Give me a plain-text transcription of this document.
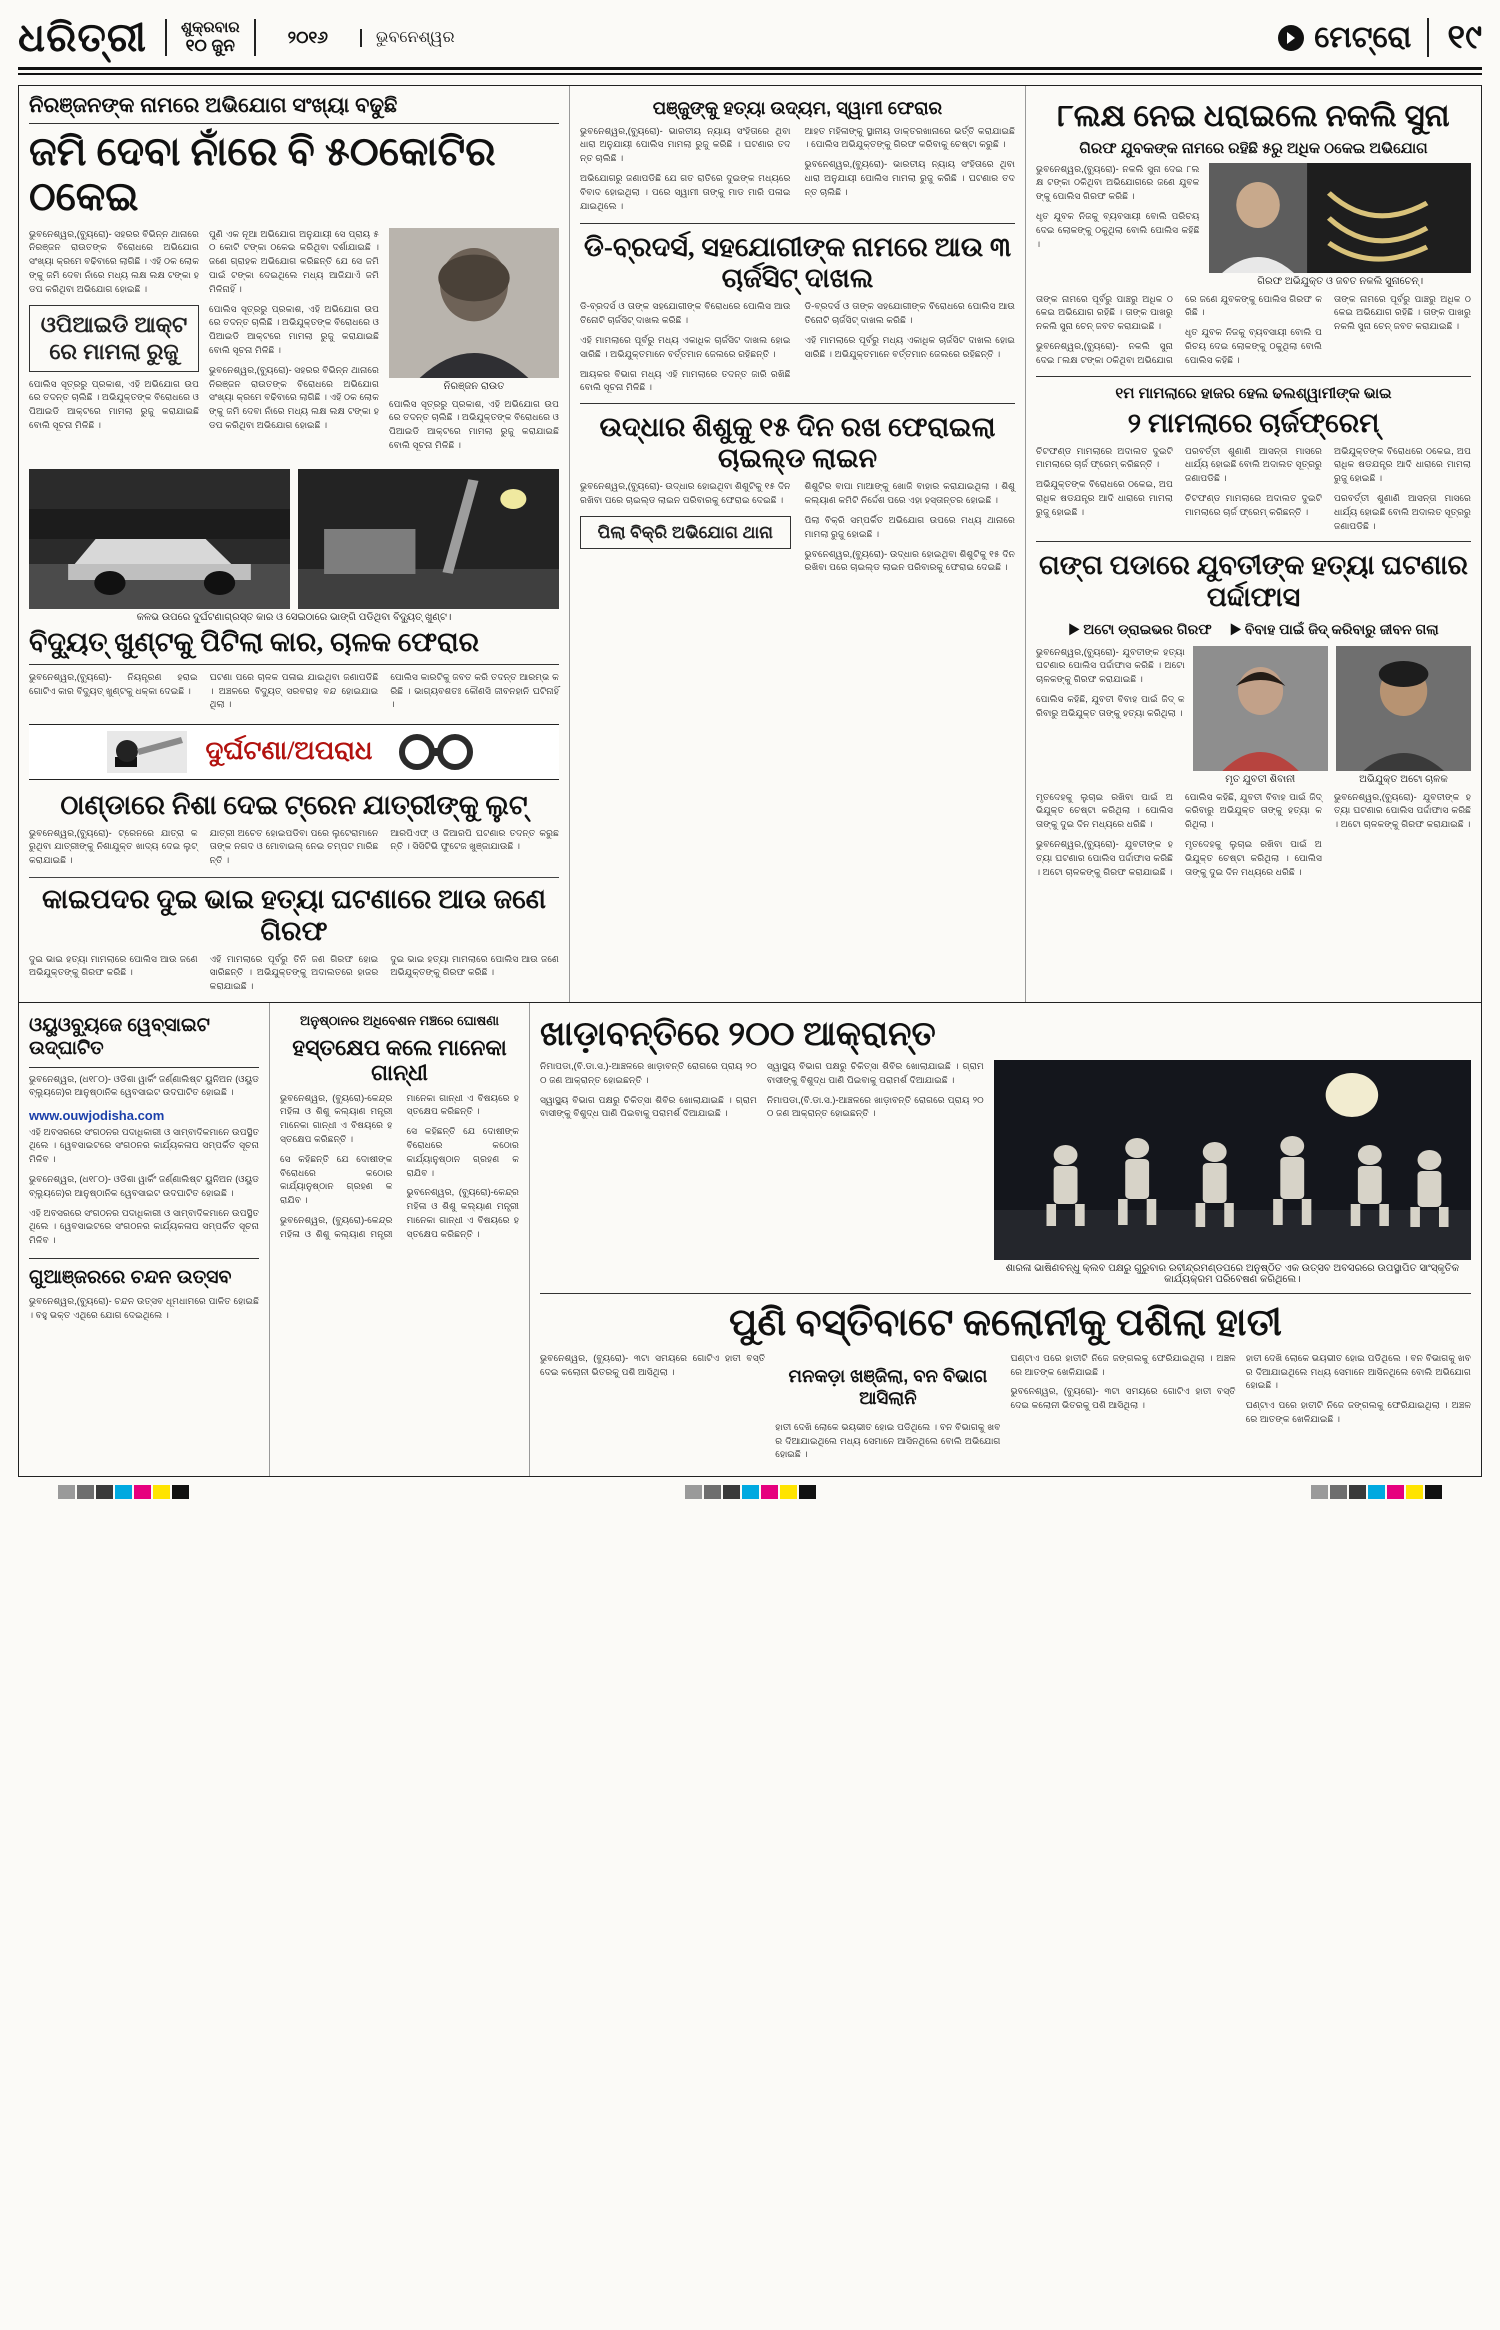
ଧରିତ୍ରୀ ଶୁକ୍ରବାର
୧୦ ଜୁନ	୨୦୧୬	ଭୁବନେଶ୍ୱର	ମେଟ୍ରୋ	୧୯
ନିରଞ୍ଜନଙ୍କ ନାମରେ ଅଭିଯୋଗ ସଂଖ୍ୟା ବଢୁଛି
ଜମି ଦେବା ନାଁରେ ବି ୫୦କୋଟିର ଠକେଇ

ଭୁବନେଶ୍ୱର,(ବ୍ୟୁରୋ)- ସହରର ବିଭିନ୍ନ ଥାନାରେ ନିରଞ୍ଜନ ରାଉତଙ୍କ ବିରୋଧରେ ଅଭିଯୋଗ ସଂଖ୍ୟା କ୍ରମେ ବଢିବାରେ ଲାଗିଛି । ଏହି ଠକ ଲୋକଙ୍କୁ ଜମି ଦେବା ନାଁରେ ମଧ୍ୟ ଲକ୍ଷ ଲକ୍ଷ ଟଙ୍କା ହଡପ କରିଥିବା ଅଭିଯୋଗ ହୋଇଛି ।

ଓପିଆଇଡି ଆକ୍ଟରେ ମାମଲା ରୁଜୁ

ପୋଲିସ ସୂତ୍ରରୁ ପ୍ରକାଶ, ଏହି ଅଭିଯୋଗ ଉପରେ ତଦନ୍ତ ଚାଲିଛି । ଅଭିଯୁକ୍ତଙ୍କ ବିରୋଧରେ ଓପିଆଇଡି ଆକ୍ଟରେ ମାମଲା ରୁଜୁ କରାଯାଇଛି ବୋଲି ସୂଚନା ମିଳିଛି ।

ପୁଣି ଏକ ନୂଆ ଅଭିଯୋଗ ଅନୁଯାୟୀ ସେ ପ୍ରାୟ ୫୦ କୋଟି ଟଙ୍କା ଠକେଇ କରିଥିବା ଦର୍ଶାଯାଇଛି । ଜଣେ ଗ୍ରାହକ ଅଭିଯୋଗ କରିଛନ୍ତି ଯେ ସେ ଜମି ପାଇଁ ଟଙ୍କା ଦେଇଥିଲେ ମଧ୍ୟ ଆଜିଯାଏଁ ଜମି ମିଳିନାହିଁ ।

ପୋଲିସ ସୂତ୍ରରୁ ପ୍ରକାଶ, ଏହି ଅଭିଯୋଗ ଉପରେ ତଦନ୍ତ ଚାଲିଛି । ଅଭିଯୁକ୍ତଙ୍କ ବିରୋଧରେ ଓପିଆଇଡି ଆକ୍ଟରେ ମାମଲା ରୁଜୁ କରାଯାଇଛି ବୋଲି ସୂଚନା ମିଳିଛି ।

ଭୁବନେଶ୍ୱର,(ବ୍ୟୁରୋ)- ସହରର ବିଭିନ୍ନ ଥାନାରେ ନିରଞ୍ଜନ ରାଉତଙ୍କ ବିରୋଧରେ ଅଭିଯୋଗ ସଂଖ୍ୟା କ୍ରମେ ବଢିବାରେ ଲାଗିଛି । ଏହି ଠକ ଲୋକଙ୍କୁ ଜମି ଦେବା ନାଁରେ ମଧ୍ୟ ଲକ୍ଷ ଲକ୍ଷ ଟଙ୍କା ହଡପ କରିଥିବା ଅଭିଯୋଗ ହୋଇଛି ।

ନିରଞ୍ଜନ ରାଉତ

ପୋଲିସ ସୂତ୍ରରୁ ପ୍ରକାଶ, ଏହି ଅଭିଯୋଗ ଉପରେ ତଦନ୍ତ ଚାଲିଛି । ଅଭିଯୁକ୍ତଙ୍କ ବିରୋଧରେ ଓପିଆଇଡି ଆକ୍ଟରେ ମାମଲା ରୁଜୁ କରାଯାଇଛି ବୋଲି ସୂଚନା ମିଳିଛି ।

କଳଭ ଉପରେ ଦୁର୍ଘଟଣାଗ୍ରସ୍ତ କାର ଓ ସେଇଠାରେ ଭାଙ୍ଗି ପଡିଥିବା ବିଦ୍ୟୁତ୍ ଖୁଣ୍ଟ।
ବିଦ୍ୟୁତ୍ ଖୁଣ୍ଟକୁ ପିଟିଲା କାର, ଚାଳକ ଫେରାର

ଭୁବନେଶ୍ୱର,(ବ୍ୟୁରୋ)- ନିୟନ୍ତ୍ରଣ ହରାଇ ଗୋଟିଏ କାର ବିଦ୍ୟୁତ୍ ଖୁଣ୍ଟକୁ ଧକ୍କା ଦେଇଛି ।

ଘଟଣା ପରେ ଚାଳକ ପଳାଇ ଯାଇଥିବା ଜଣାପଡିଛି । ଅଞ୍ଚଳରେ ବିଦ୍ୟୁତ୍ ସରବରାହ ବନ୍ଦ ହୋଇଯାଇଥିଲା ।

ପୋଲିସ କାରଟିକୁ ଜବତ କରି ତଦନ୍ତ ଆରମ୍ଭ କରିଛି । ଭାଗ୍ୟବଶତଃ କୌଣସି ଜୀବନହାନି ଘଟିନାହିଁ ।

ଦୁର୍ଘଟଣା/ଅପରାଧ
ଠାଣ୍ଡାରେ ନିଶା ଦେଇ ଟ୍ରେନ ଯାତ୍ରୀଙ୍କୁ ଲୁଟ୍

ଭୁବନେଶ୍ୱର,(ବ୍ୟୁରୋ)- ଟ୍ରେନରେ ଯାତ୍ରା କରୁଥିବା ଯାତ୍ରୀଙ୍କୁ ନିଶାଯୁକ୍ତ ଖାଦ୍ୟ ଦେଇ ଲୁଟ୍ କରାଯାଇଛି ।

ଯାତ୍ରୀ ଅଚେତ ହୋଇପଡିବା ପରେ ଲୁଟେରାମାନେ ତାଙ୍କ ନଗଦ ଓ ମୋବାଇଲ୍ ନେଇ ଚମ୍ପଟ ମାରିଛନ୍ତି ।

ଆରପିଏଫ୍ ଓ ଜିଆରପି ଘଟଣାର ତଦନ୍ତ କରୁଛନ୍ତି । ସିସିଟିଭି ଫୁଟେଜ ଖୁଞ୍ଜାଯାଉଛି ।

କାଇପଦର ଦୁଇ ଭାଇ ହତ୍ୟା ଘଟଣାରେ ଆଉ ଜଣେ ଗିରଫ

ଦୁଇ ଭାଇ ହତ୍ୟା ମାମଲାରେ ପୋଲିସ ଆଉ ଜଣେ ଅଭିଯୁକ୍ତଙ୍କୁ ଗିରଫ କରିଛି ।

ଏହି ମାମଲାରେ ପୂର୍ବରୁ ତିନି ଜଣ ଗିରଫ ହୋଇସାରିଛନ୍ତି । ଅଭିଯୁକ୍ତଙ୍କୁ ଅଦାଲତରେ ହାଜର କରାଯାଇଛି ।

ଦୁଇ ଭାଇ ହତ୍ୟା ମାମଲାରେ ପୋଲିସ ଆଉ ଜଣେ ଅଭିଯୁକ୍ତଙ୍କୁ ଗିରଫ କରିଛି ।

ପଞ୍ଜୁଙ୍କୁ ହତ୍ୟା ଉଦ୍ୟମ, ସ୍ୱାମୀ ଫେରାର

ଭୁବନେଶ୍ୱର,(ବ୍ୟୁରୋ)- ଭାରତୀୟ ନ୍ୟାୟ ସଂହିତାରେ ଥିବା ଧାରା ଅନୁଯାୟୀ ପୋଲିସ ମାମଲା ରୁଜୁ କରିଛି । ଘଟଣାର ତଦନ୍ତ ଚାଲିଛି ।

ଅଭିଯୋଗରୁ ଜଣାପଡିଛି ଯେ ଗତ ରାତିରେ ଦୁଇଙ୍କ ମଧ୍ୟରେ ବିବାଦ ହୋଇଥିଲା । ପରେ ସ୍ୱାମୀ ତାଙ୍କୁ ମାଡ ମାରି ପଳାଇ ଯାଇଥିଲେ ।

ଆହତ ମହିଳାଙ୍କୁ ସ୍ଥାନୀୟ ଡାକ୍ତରଖାନାରେ ଭର୍ତ୍ତି କରାଯାଇଛି । ପୋଲିସ ଅଭିଯୁକ୍ତଙ୍କୁ ଗିରଫ କରିବାକୁ ଚେଷ୍ଟା କରୁଛି ।

ଭୁବନେଶ୍ୱର,(ବ୍ୟୁରୋ)- ଭାରତୀୟ ନ୍ୟାୟ ସଂହିତାରେ ଥିବା ଧାରା ଅନୁଯାୟୀ ପୋଲିସ ମାମଲା ରୁଜୁ କରିଛି । ଘଟଣାର ତଦନ୍ତ ଚାଲିଛି ।

ଡି-ବ୍ରଦର୍ସ, ସହଯୋଗୀଙ୍କ ନାମରେ ଆଉ ୩ ଚାର୍ଜସିଟ୍ ଦାଖଲ

ଡି-ବ୍ରଦର୍ସ ଓ ତାଙ୍କ ସହଯୋଗୀଙ୍କ ବିରୋଧରେ ପୋଲିସ ଆଉ ତିନୋଟି ଚାର୍ଜସିଟ୍ ଦାଖଲ କରିଛି ।

ଏହି ମାମଲାରେ ପୂର୍ବରୁ ମଧ୍ୟ ଏକାଧିକ ଚାର୍ଜସିଟ ଦାଖଲ ହୋଇସାରିଛି । ଅଭିଯୁକ୍ତମାନେ ବର୍ତ୍ତମାନ ଜେଲରେ ରହିଛନ୍ତି ।

ଆୟକର ବିଭାଗ ମଧ୍ୟ ଏହି ମାମଲାରେ ତଦନ୍ତ ଜାରି ରଖିଛି ବୋଲି ସୂଚନା ମିଳିଛି ।

ଡି-ବ୍ରଦର୍ସ ଓ ତାଙ୍କ ସହଯୋଗୀଙ୍କ ବିରୋଧରେ ପୋଲିସ ଆଉ ତିନୋଟି ଚାର୍ଜସିଟ୍ ଦାଖଲ କରିଛି ।

ଏହି ମାମଲାରେ ପୂର୍ବରୁ ମଧ୍ୟ ଏକାଧିକ ଚାର୍ଜସିଟ ଦାଖଲ ହୋଇସାରିଛି । ଅଭିଯୁକ୍ତମାନେ ବର୍ତ୍ତମାନ ଜେଲରେ ରହିଛନ୍ତି ।

ଉଦ୍ଧାର ଶିଶୁକୁ ୧୫ ଦିନ ରଖ ଫେରାଇଲା ଚାଇଲ୍ଡ ଲାଇନ

ଭୁବନେଶ୍ୱର,(ବ୍ୟୁରୋ)- ଉଦ୍ଧାର ହୋଇଥିବା ଶିଶୁଟିକୁ ୧୫ ଦିନ ରଖିବା ପରେ ଚାଇଲ୍ଡ ଲାଇନ ପରିବାରକୁ ଫେରାଇ ଦେଇଛି ।

ପିଲା ବିକ୍ରି ଅଭିଯୋଗ ଥାନା

ଶିଶୁଟିର ବାପା ମାଆଙ୍କୁ ଖୋଜି ବାହାର କରାଯାଇଥିଲା । ଶିଶୁ କଲ୍ୟାଣ କମିଟି ନିର୍ଦ୍ଦେଶ ପରେ ଏହା ହସ୍ତାନ୍ତର ହୋଇଛି ।

ପିଲା ବିକ୍ରି ସମ୍ପର୍କିତ ଅଭିଯୋଗ ଉପରେ ମଧ୍ୟ ଥାନାରେ ମାମଲା ରୁଜୁ ହୋଇଛି ।

ଭୁବନେଶ୍ୱର,(ବ୍ୟୁରୋ)- ଉଦ୍ଧାର ହୋଇଥିବା ଶିଶୁଟିକୁ ୧୫ ଦିନ ରଖିବା ପରେ ଚାଇଲ୍ଡ ଲାଇନ ପରିବାରକୁ ଫେରାଇ ଦେଇଛି ।

୮ଲକ୍ଷ ନେଇ ଧରାଇଲେ ନକଲି ସୁନା
ଗିରଫ ଯୁବକଙ୍କ ନାମରେ ରହିଛି ୫ରୁ ଅଧିକ ଠକେଇ ଅଭିଯୋଗ

ଭୁବନେଶ୍ୱର,(ବ୍ୟୁରୋ)- ନକଲି ସୁନା ଦେଇ ୮ଲକ୍ଷ ଟଙ୍କା ଠକିଥିବା ଅଭିଯୋଗରେ ଜଣେ ଯୁବକଙ୍କୁ ପୋଲିସ ଗିରଫ କରିଛି ।

ଧୃତ ଯୁବକ ନିଜକୁ ବ୍ୟବସାୟୀ ବୋଲି ପରିଚୟ ଦେଇ ଲୋକଙ୍କୁ ଠକୁଥିଲା ବୋଲି ପୋଲିସ କହିଛି ।

ଗିରଫ ଅଭିଯୁକ୍ତ ଓ ଜବତ ନକଲି ସୁନାଚେନ୍।

ତାଙ୍କ ନାମରେ ପୂର୍ବରୁ ପାଞ୍ଚରୁ ଅଧିକ ଠକେଇ ଅଭିଯୋଗ ରହିଛି । ତାଙ୍କ ପାଖରୁ ନକଲି ସୁନା ଚେନ୍ ଜବତ କରାଯାଇଛି ।

ଭୁବନେଶ୍ୱର,(ବ୍ୟୁରୋ)- ନକଲି ସୁନା ଦେଇ ୮ଲକ୍ଷ ଟଙ୍କା ଠକିଥିବା ଅଭିଯୋଗରେ ଜଣେ ଯୁବକଙ୍କୁ ପୋଲିସ ଗିରଫ କରିଛି ।

ଧୃତ ଯୁବକ ନିଜକୁ ବ୍ୟବସାୟୀ ବୋଲି ପରିଚୟ ଦେଇ ଲୋକଙ୍କୁ ଠକୁଥିଲା ବୋଲି ପୋଲିସ କହିଛି ।

ତାଙ୍କ ନାମରେ ପୂର୍ବରୁ ପାଞ୍ଚରୁ ଅଧିକ ଠକେଇ ଅଭିଯୋଗ ରହିଛି । ତାଙ୍କ ପାଖରୁ ନକଲି ସୁନା ଚେନ୍ ଜବତ କରାଯାଇଛି ।

୧ମ ମାମଲାରେ ହାଜର ହେଲ ଢଲଶ୍ୱାମୀଙ୍କ ଭାଇ
୨ ମାମଲାରେ ଚାର୍ଜଫ୍ରେମ୍

ଚିଟଫଣ୍ଡ ମାମଲାରେ ଅଦାଲତ ଦୁଇଟି ମାମଲାରେ ଚାର୍ଜ ଫ୍ରେମ୍ କରିଛନ୍ତି ।

ଅଭିଯୁକ୍ତଙ୍କ ବିରୋଧରେ ଠକେଇ, ଅପରାଧିକ ଷଡଯନ୍ତ୍ର ଆଦି ଧାରାରେ ମାମଲା ରୁଜୁ ହୋଇଛି ।

ପରବର୍ତ୍ତୀ ଶୁଣାଣି ଆସନ୍ତା ମାସରେ ଧାର୍ଯ୍ୟ ହୋଇଛି ବୋଲି ଅଦାଲତ ସୂତ୍ରରୁ ଜଣାପଡିଛି ।

ଚିଟଫଣ୍ଡ ମାମଲାରେ ଅଦାଲତ ଦୁଇଟି ମାମଲାରେ ଚାର୍ଜ ଫ୍ରେମ୍ କରିଛନ୍ତି ।

ଅଭିଯୁକ୍ତଙ୍କ ବିରୋଧରେ ଠକେଇ, ଅପରାଧିକ ଷଡଯନ୍ତ୍ର ଆଦି ଧାରାରେ ମାମଲା ରୁଜୁ ହୋଇଛି ।

ପରବର୍ତ୍ତୀ ଶୁଣାଣି ଆସନ୍ତା ମାସରେ ଧାର୍ଯ୍ୟ ହୋଇଛି ବୋଲି ଅଦାଲତ ସୂତ୍ରରୁ ଜଣାପଡିଛି ।

ଗଙ୍ଗ ପଡାରେ ଯୁବତୀଙ୍କ ହତ୍ୟା ଘଟଣାର ପର୍ଦ୍ଦାଫାସ
▶ ଅଟୋ ଡ୍ରାଇଭର ଗିରଫ ▶ ବିବାହ ପାଇଁ ଜିଦ୍ କରିବାରୁ ଜୀବନ ଗଲା

ଭୁବନେଶ୍ୱର,(ବ୍ୟୁରୋ)- ଯୁବତୀଙ୍କ ହତ୍ୟା ଘଟଣାର ପୋଲିସ ପର୍ଦ୍ଦାଫାସ କରିଛି । ଅଟୋ ଚାଳକଙ୍କୁ ଗିରଫ କରାଯାଇଛି ।

ପୋଲିସ କହିଛି, ଯୁବତୀ ବିବାହ ପାଇଁ ଜିଦ୍ କରିବାରୁ ଅଭିଯୁକ୍ତ ତାଙ୍କୁ ହତ୍ୟା କରିଥିଲା ।

ମୃତ ଯୁବତୀ ଶିବାନୀ	ଅଭିଯୁକ୍ତ ଅଟୋ ଚାଳକ

ମୃତଦେହକୁ ଲୁଚାଇ ରଖିବା ପାଇଁ ଅଭିଯୁକ୍ତ ଚେଷ୍ଟା କରିଥିଲା । ପୋଲିସ ତାଙ୍କୁ ଦୁଇ ଦିନ ମଧ୍ୟରେ ଧରିଛି ।

ଭୁବନେଶ୍ୱର,(ବ୍ୟୁରୋ)- ଯୁବତୀଙ୍କ ହତ୍ୟା ଘଟଣାର ପୋଲିସ ପର୍ଦ୍ଦାଫାସ କରିଛି । ଅଟୋ ଚାଳକଙ୍କୁ ଗିରଫ କରାଯାଇଛି ।

ପୋଲିସ କହିଛି, ଯୁବତୀ ବିବାହ ପାଇଁ ଜିଦ୍ କରିବାରୁ ଅଭିଯୁକ୍ତ ତାଙ୍କୁ ହତ୍ୟା କରିଥିଲା ।

ମୃତଦେହକୁ ଲୁଚାଇ ରଖିବା ପାଇଁ ଅଭିଯୁକ୍ତ ଚେଷ୍ଟା କରିଥିଲା । ପୋଲିସ ତାଙ୍କୁ ଦୁଇ ଦିନ ମଧ୍ୟରେ ଧରିଛି ।

ଭୁବନେଶ୍ୱର,(ବ୍ୟୁରୋ)- ଯୁବତୀଙ୍କ ହତ୍ୟା ଘଟଣାର ପୋଲିସ ପର୍ଦ୍ଦାଫାସ କରିଛି । ଅଟୋ ଚାଳକଙ୍କୁ ଗିରଫ କରାଯାଇଛି ।

ଓୟୁଓବ୍ୟୁଜେ ୱେବ୍‌ସାଇଟ ଉଦ୍‌ଘାଟିତ

ଭୁବନେଶ୍ୱର, (ଧ୧୮୦)- ଓଡିଶା ୱାର୍କିଂ ଜର୍ଣ୍ଣାଲିଷ୍ଟ ୟୁନିଅନ (ଓୟୁଡବ୍ଲ୍ୟୁଜେ)ର ଆନୁଷ୍ଠାନିକ ୱେବସାଇଟ ଉଦଘାଟିତ ହୋଇଛି ।

www.ouwjodisha.com

ଏହି ଅବସରରେ ସଂଗଠନର ପଦାଧିକାରୀ ଓ ସାମ୍ବାଦିକମାନେ ଉପସ୍ଥିତ ଥିଲେ । ୱେବସାଇଟରେ ସଂଗଠନର କାର୍ଯ୍ୟକଳାପ ସମ୍ପର୍କିତ ସୂଚନା ମିଳିବ ।

ଭୁବନେଶ୍ୱର, (ଧ୧୮୦)- ଓଡିଶା ୱାର୍କିଂ ଜର୍ଣ୍ଣାଲିଷ୍ଟ ୟୁନିଅନ (ଓୟୁଡବ୍ଲ୍ୟୁଜେ)ର ଆନୁଷ୍ଠାନିକ ୱେବସାଇଟ ଉଦଘାଟିତ ହୋଇଛି ।

ଏହି ଅବସରରେ ସଂଗଠନର ପଦାଧିକାରୀ ଓ ସାମ୍ବାଦିକମାନେ ଉପସ୍ଥିତ ଥିଲେ । ୱେବସାଇଟରେ ସଂଗଠନର କାର୍ଯ୍ୟକଳାପ ସମ୍ପର୍କିତ ସୂଚନା ମିଳିବ ।

ଗୁଆଞ୍ଜରରେ ଚନ୍ଦନ ଉତ୍ସବ

ଭୁବନେଶ୍ୱର,(ବ୍ୟୁରୋ)- ଚନ୍ଦନ ଉତ୍ସବ ଧୂମଧାମରେ ପାଳିତ ହୋଇଛି । ବହୁ ଭକ୍ତ ଏଥିରେ ଯୋଗ ଦେଇଥିଲେ ।

ଅନୁଷ୍ଠାନର ଅଧିବେଶନ ମଞ୍ଚରେ ଘୋଷଣା
ହସ୍ତକ୍ଷେପ କଲେ ମାନେକା ଗାନ୍ଧୀ

ଭୁବନେଶ୍ୱର, (ବ୍ୟୁରୋ)-କେନ୍ଦ୍ର ମହିଳା ଓ ଶିଶୁ କଲ୍ୟାଣ ମନ୍ତ୍ରୀ ମାନେକା ଗାନ୍ଧୀ ଏ ବିଷୟରେ ହସ୍ତକ୍ଷେପ କରିଛନ୍ତି ।

ସେ କହିଛନ୍ତି ଯେ ଦୋଷୀଙ୍କ ବିରୋଧରେ କଠୋର କାର୍ଯ୍ୟାନୁଷ୍ଠାନ ଗ୍ରହଣ କରାଯିବ ।

ଭୁବନେଶ୍ୱର, (ବ୍ୟୁରୋ)-କେନ୍ଦ୍ର ମହିଳା ଓ ଶିଶୁ କଲ୍ୟାଣ ମନ୍ତ୍ରୀ ମାନେକା ଗାନ୍ଧୀ ଏ ବିଷୟରେ ହସ୍ତକ୍ଷେପ କରିଛନ୍ତି ।

ସେ କହିଛନ୍ତି ଯେ ଦୋଷୀଙ୍କ ବିରୋଧରେ କଠୋର କାର୍ଯ୍ୟାନୁଷ୍ଠାନ ଗ୍ରହଣ କରାଯିବ ।

ଭୁବନେଶ୍ୱର, (ବ୍ୟୁରୋ)-କେନ୍ଦ୍ର ମହିଳା ଓ ଶିଶୁ କଲ୍ୟାଣ ମନ୍ତ୍ରୀ ମାନେକା ଗାନ୍ଧୀ ଏ ବିଷୟରେ ହସ୍ତକ୍ଷେପ କରିଛନ୍ତି ।

ଖାଡ଼ାବନ୍ତିରେ ୨୦୦ ଆକ୍ରାନ୍ତ

ନିମାପଡା,(ବି.ଡା.ସ.)-ଆଞ୍ଚଳରେ ଖାଡ଼ାବନ୍ତି ରୋଗରେ ପ୍ରାୟ ୨୦୦ ଜଣ ଆକ୍ରାନ୍ତ ହୋଇଛନ୍ତି ।

ସ୍ୱାସ୍ଥ୍ୟ ବିଭାଗ ପକ୍ଷରୁ ଚିକିତ୍ସା ଶିବିର ଖୋଲାଯାଇଛି । ଗ୍ରାମବାସୀଙ୍କୁ ବିଶୁଦ୍ଧ ପାଣି ପିଇବାକୁ ପରାମର୍ଶ ଦିଆଯାଇଛି ।

ସ୍ୱାସ୍ଥ୍ୟ ବିଭାଗ ପକ୍ଷରୁ ଚିକିତ୍ସା ଶିବିର ଖୋଲାଯାଇଛି । ଗ୍ରାମବାସୀଙ୍କୁ ବିଶୁଦ୍ଧ ପାଣି ପିଇବାକୁ ପରାମର୍ଶ ଦିଆଯାଇଛି ।

ନିମାପଡା,(ବି.ଡା.ସ.)-ଆଞ୍ଚଳରେ ଖାଡ଼ାବନ୍ତି ରୋଗରେ ପ୍ରାୟ ୨୦୦ ଜଣ ଆକ୍ରାନ୍ତ ହୋଇଛନ୍ତି ।

ଶାରଳା ଭାଷିଣବନ୍ଧୁ କ୍ଲବ ପକ୍ଷରୁ ଗୁରୁବାର ରବୀନ୍ଦ୍ରମଣ୍ଡପରେ ଅନୁଷ୍ଠିତ ଏକ ଉତ୍ସବ ଅବସରରେ ଉପସ୍ଥାପିତ ସାଂସ୍କୃତିକ କାର୍ଯ୍ୟକ୍ରମ ପରିବେଷଣ କରିଥିଲେ।
ପୁଣି ବସ୍ତିବାଟେ କଲୋନୀକୁ ପଶିଲା ହାତୀ

ଭୁବନେଶ୍ୱର, (ବ୍ୟୁରୋ)- ୩ଟା ସମୟରେ ଗୋଟିଏ ହାତୀ ବସ୍ତି ଦେଇ କଲୋନୀ ଭିତରକୁ ପଶି ଆସିଥିଲା ।	ମନକଡ଼ା ଖଞ୍ଜିଲା, ବନ ବିଭାଗ ଆସିଲାନି

ହାତୀ ଦେଖି ଲୋକେ ଭୟଭୀତ ହୋଇ ପଡିଥିଲେ । ବନ ବିଭାଗକୁ ଖବର ଦିଆଯାଇଥିଲେ ମଧ୍ୟ ସେମାନେ ଆସିନଥିଲେ ବୋଲି ଅଭିଯୋଗ ହୋଇଛି ।

ଘଣ୍ଟାଏ ପରେ ହାତୀଟି ନିଜେ ଜଙ୍ଗଲକୁ ଫେରିଯାଇଥିଲା । ଅଞ୍ଚଳରେ ଆତଙ୍କ ଖେଳିଯାଇଛି ।

ଭୁବନେଶ୍ୱର, (ବ୍ୟୁରୋ)- ୩ଟା ସମୟରେ ଗୋଟିଏ ହାତୀ ବସ୍ତି ଦେଇ କଲୋନୀ ଭିତରକୁ ପଶି ଆସିଥିଲା ।

ହାତୀ ଦେଖି ଲୋକେ ଭୟଭୀତ ହୋଇ ପଡିଥିଲେ । ବନ ବିଭାଗକୁ ଖବର ଦିଆଯାଇଥିଲେ ମଧ୍ୟ ସେମାନେ ଆସିନଥିଲେ ବୋଲି ଅଭିଯୋଗ ହୋଇଛି ।

ଘଣ୍ଟାଏ ପରେ ହାତୀଟି ନିଜେ ଜଙ୍ଗଲକୁ ଫେରିଯାଇଥିଲା । ଅଞ୍ଚଳରେ ଆତଙ୍କ ଖେଳିଯାଇଛି ।
